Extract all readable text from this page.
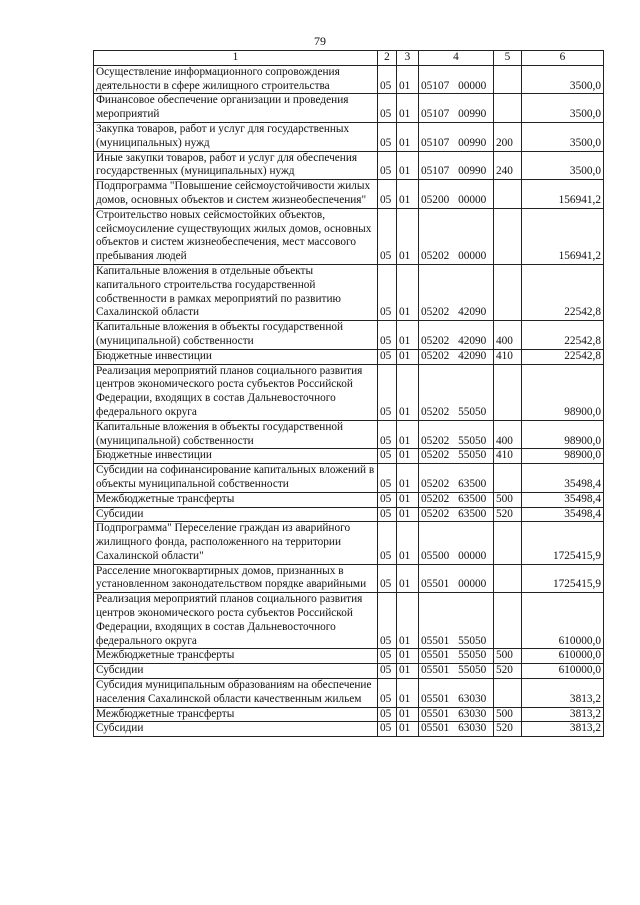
79
1	2	3	4	5	6
Осуществление информационного сопровождения деятельности в сфере жилищного строительства	05	01	05107 00000		3500,0
Финансовое обеспечение организации и проведения мероприятий	05	01	05107 00990		3500,0
Закупка товаров, работ и услуг для государственных (муниципальных) нужд	05	01	05107 00990	200	3500,0
Иные закупки товаров, работ и услуг для обеспечения государственных (муниципальных) нужд	05	01	05107 00990	240	3500,0
Подпрограмма "Повышение сейсмоустойчивости жилых домов, основных объектов и систем жизнеобеспечения"	05	01	05200 00000		156941,2
Строительство новых сейсмостойких объектов, сейсмоусиление существующих жилых домов, основных объектов и систем жизнеобеспечения, мест массового пребывания людей	05	01	05202 00000		156941,2
Капитальные вложения в отдельные объекты капитального строительства государственной собственности в рамках мероприятий по развитию Сахалинской области	05	01	05202 42090		22542,8
Капитальные вложения в объекты государственной (муниципальной) собственности	05	01	05202 42090	400	22542,8
Бюджетные инвестиции	05	01	05202 42090	410	22542,8
Реализация мероприятий планов социального развития центров экономического роста субъектов Российской Федерации, входящих в состав Дальневосточного федерального округа	05	01	05202 55050		98900,0
Капитальные вложения в объекты государственной (муниципальной) собственности	05	01	05202 55050	400	98900,0
Бюджетные инвестиции	05	01	05202 55050	410	98900,0
Субсидии на софинансирование капитальных вложений в объекты муниципальной собственности	05	01	05202 63500		35498,4
Межбюджетные трансферты	05	01	05202 63500	500	35498,4
Субсидии	05	01	05202 63500	520	35498,4
Подпрограмма" Переселение граждан из аварийного жилищного фонда, расположенного на территории Сахалинской области"	05	01	05500 00000		1725415,9
Расселение многоквартирных домов, признанных в установленном законодательством порядке аварийными	05	01	05501 00000		1725415,9
Реализация мероприятий планов социального развития центров экономического роста субъектов Российской Федерации, входящих в состав Дальневосточного федерального округа	05	01	05501 55050		610000,0
Межбюджетные трансферты	05	01	05501 55050	500	610000,0
Субсидии	05	01	05501 55050	520	610000,0
Субсидия муниципальным образованиям на обеспечение населения Сахалинской области качественным жильем	05	01	05501 63030		3813,2
Межбюджетные трансферты	05	01	05501 63030	500	3813,2
Субсидии	05	01	05501 63030	520	3813,2
